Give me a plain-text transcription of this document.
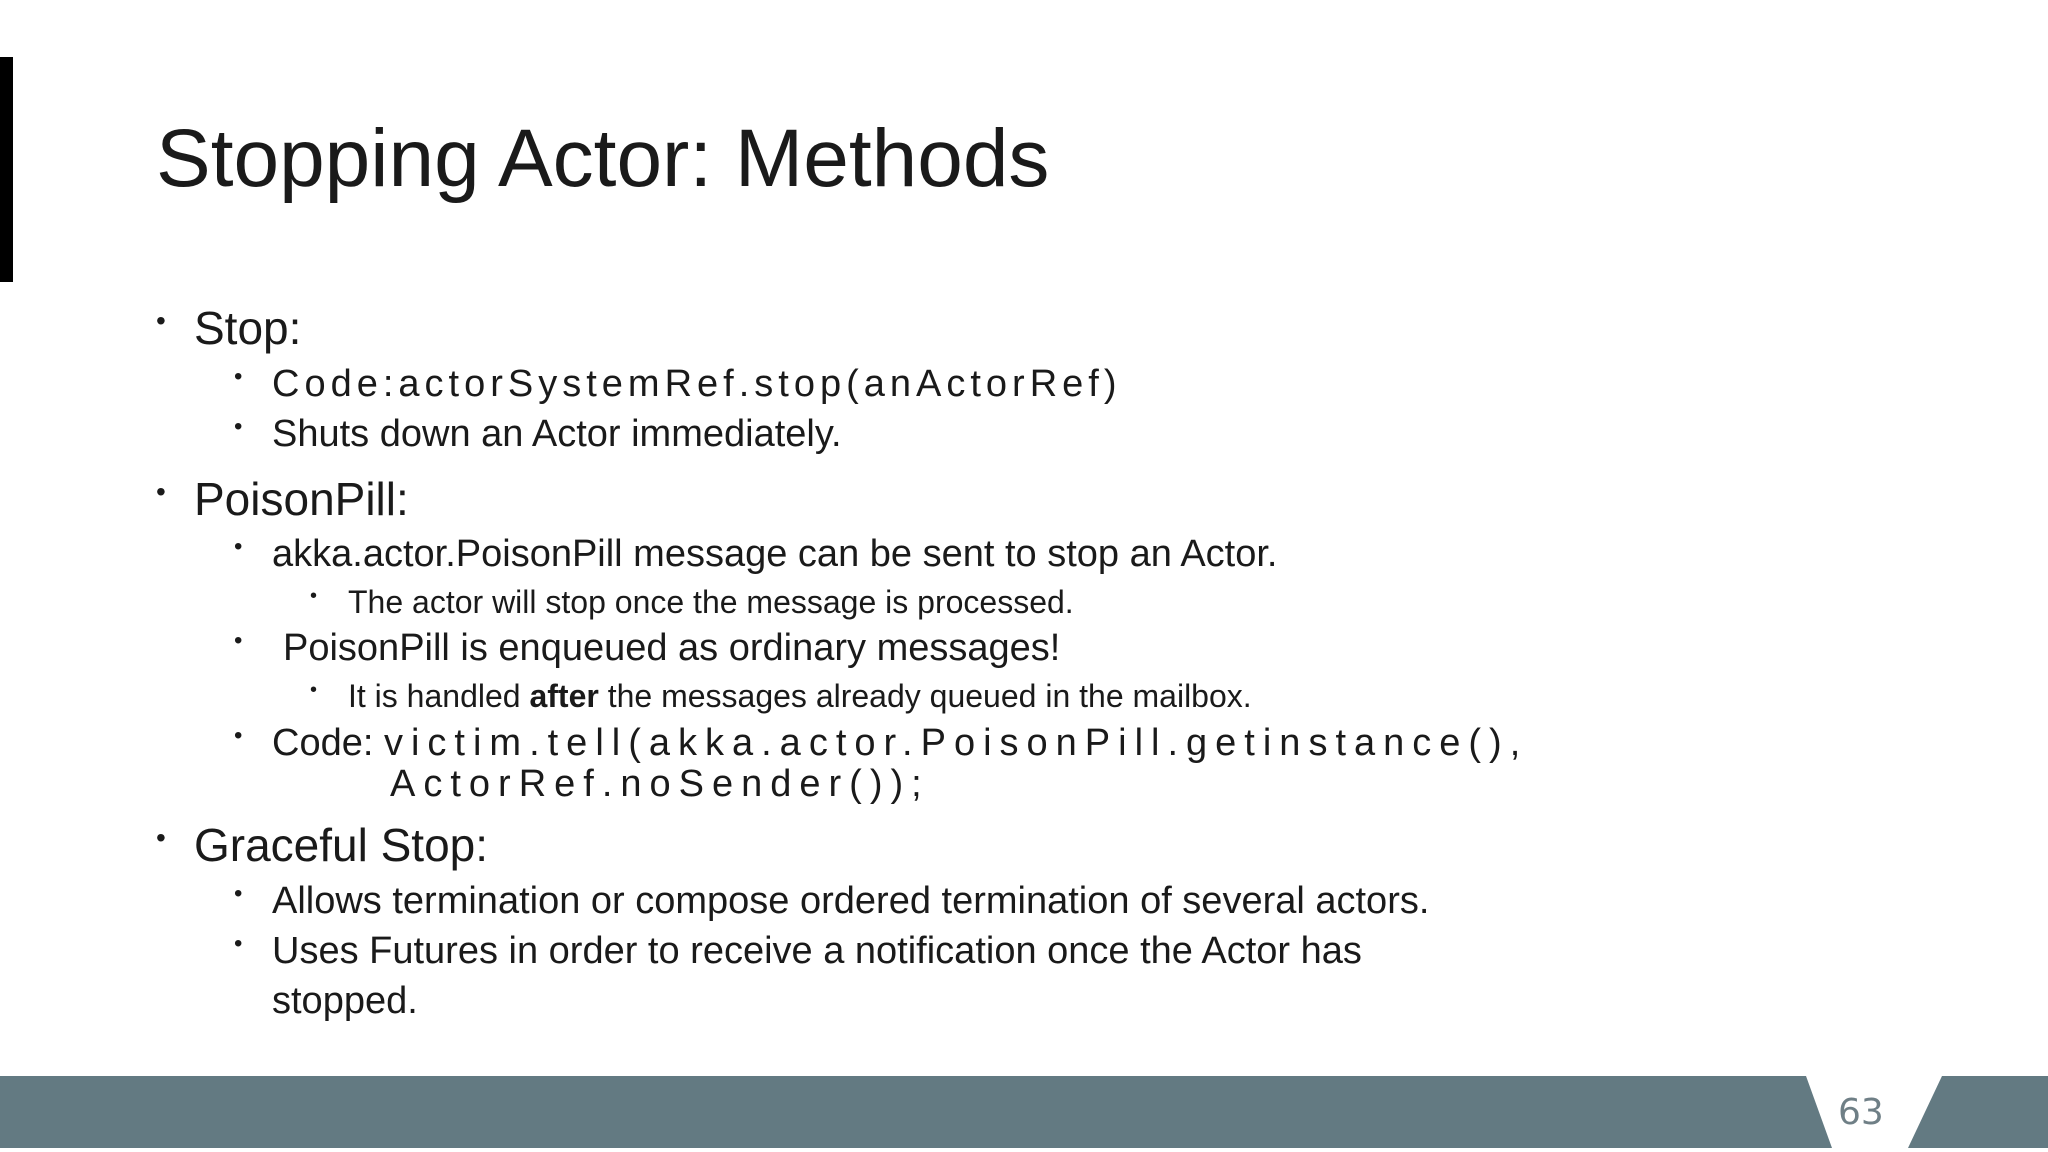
Stopping Actor: Methods
• Stop:
• Code:actorSystemRef.stop(anActorRef)
• Shuts down an Actor immediately.
• PoisonPill:
• akka.actor.PoisonPill message can be sent to stop an Actor.
• The actor will stop once the message is processed.
• PoisonPill is enqueued as ordinary messages!
• It is handled after the messages already queued in the mailbox.
• Code: victim.tell(akka.actor.PoisonPill.getinstance(),
ActorRef.noSender());
• Graceful Stop:
• Allows termination or compose ordered termination of several actors.
• Uses Futures in order to receive a notification once the Actor has
stopped.
63
